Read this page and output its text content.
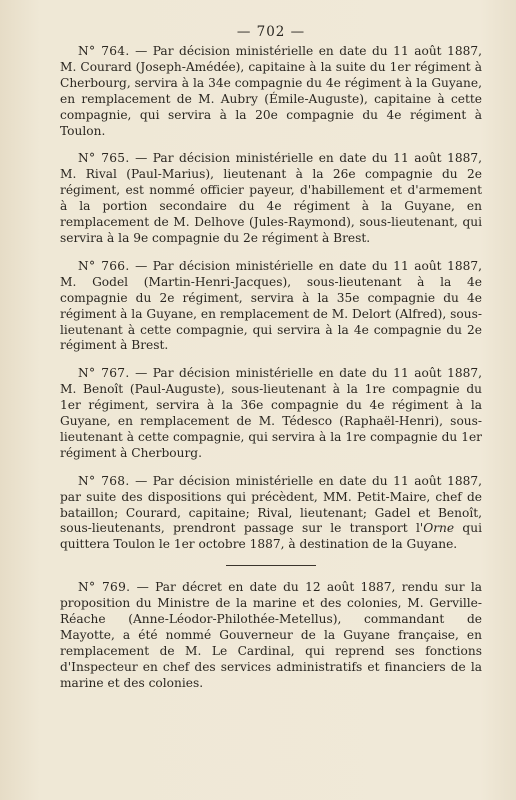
— 702 —

N° 764. — Par décision ministérielle en date du 11 août 1887, M. Courard (Joseph-Amédée), capitaine à la suite du 1er régiment à Cherbourg, servira à la 34e compagnie du 4e régiment à la Guyane, en remplacement de M. Aubry (Émile-Auguste), capitaine à cette compagnie, qui servira à la 20e compagnie du 4e régiment à Toulon.

N° 765. — Par décision ministérielle en date du 11 août 1887, M. Rival (Paul-Marius), lieutenant à la 26e compagnie du 2e régiment, est nommé officier payeur, d'habillement et d'armement à la portion secondaire du 4e régiment à la Guyane, en remplacement de M. Delhove (Jules-Raymond), sous-lieutenant, qui servira à la 9e compagnie du 2e régiment à Brest.

N° 766. — Par décision ministérielle en date du 11 août 1887, M. Godel (Martin-Henri-Jacques), sous-lieutenant à la 4e compagnie du 2e régiment, servira à la 35e compagnie du 4e régiment à la Guyane, en remplacement de M. Delort (Alfred), sous-lieutenant à cette compagnie, qui servira à la 4e compagnie du 2e régiment à Brest.

N° 767. — Par décision ministérielle en date du 11 août 1887, M. Benoît (Paul-Auguste), sous-lieutenant à la 1re compagnie du 1er régiment, servira à la 36e compagnie du 4e régiment à la Guyane, en remplacement de M. Tédesco (Raphaël-Henri), sous-lieutenant à cette compagnie, qui servira à la 1re compagnie du 1er régiment à Cherbourg.

N° 768. — Par décision ministérielle en date du 11 août 1887, par suite des dispositions qui précèdent, MM. Petit-Maire, chef de bataillon; Courard, capitaine; Rival, lieutenant; Gadel et Benoît, sous-lieutenants, prendront passage sur le transport l'Orne qui quittera Toulon le 1er octobre 1887, à destination de la Guyane.

N° 769. — Par décret en date du 12 août 1887, rendu sur la proposition du Ministre de la marine et des colonies, M. Gerville-Réache (Anne-Léodor-Philothée-Metellus), commandant de Mayotte, a été nommé Gouverneur de la Guyane française, en remplacement de M. Le Cardinal, qui reprend ses fonctions d'Inspecteur en chef des services administratifs et financiers de la marine et des colonies.
